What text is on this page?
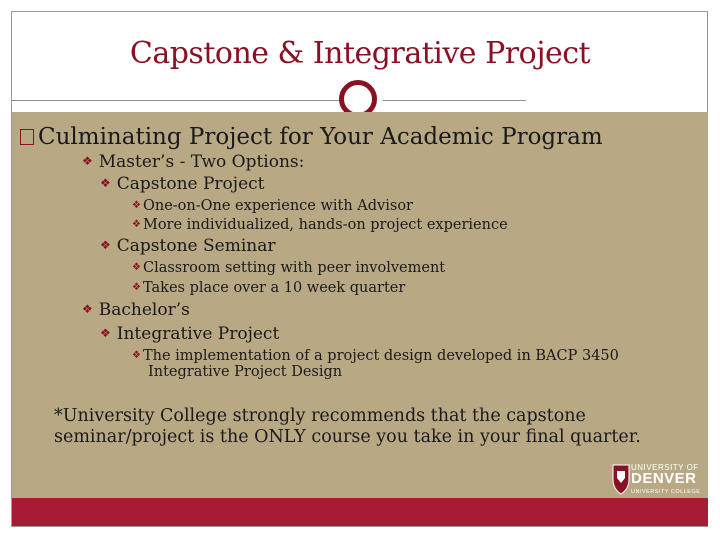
Capstone & Integrative Project
Culminating Project for Your Academic Program
❖ Master’s - Two Options:
❖ Capstone Project
❖ One-on-One experience with Advisor
❖ More individualized, hands-on project experience
❖ Capstone Seminar
❖ Classroom setting with peer involvement
❖ Takes place over a 10 week quarter
❖ Bachelor’s
❖ Integrative Project
❖ The implementation of a project design developed in BACP 3450
Integrative Project Design
*University College strongly recommends that the capstone seminar/project is the ONLY course you take in your final quarter.
UNIVERSITY OF
DENVER
UNIVERSITY COLLEGE
